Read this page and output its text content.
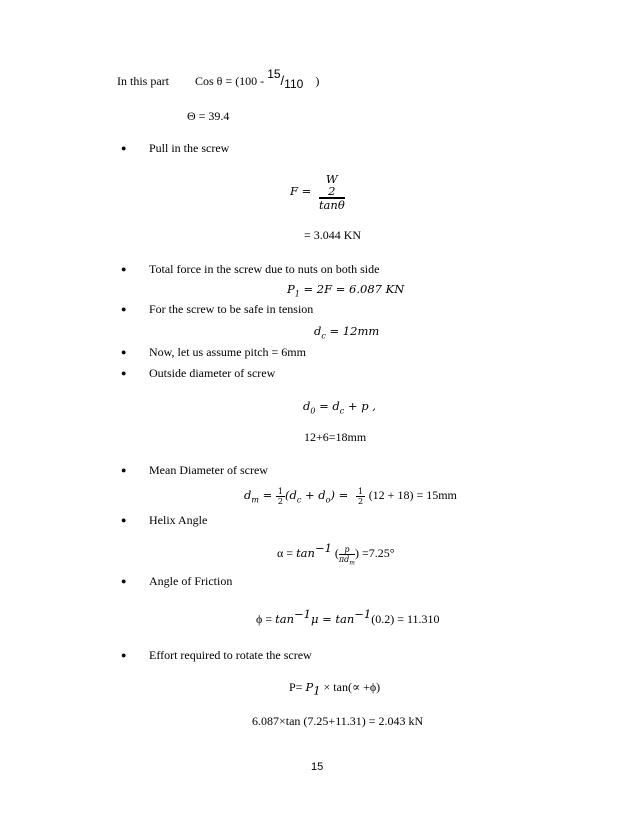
In this part Cos θ = (100 - 15/110 )
Θ = 39.4
● Pull in the screw
F =
W
2
tanθ
= 3.044 KN
● Total force in the screw due to nuts on both side
$P_1 = 2F = 6.087$ KN
● For the screw to be safe in tension
$d_c = 12mm$
● Now, let us assume pitch = 6mm
● Outside diameter of screw
$d_0 = d_c + p$ ,
12+6=18mm
● Mean Diameter of screw
$d_m = \frac{1}{2} (d_c + d_o) = \frac{1}{2} (12 + 18) = 15mm$
● Helix Angle
$\alpha = \tan^{-1}$ ( $\frac{p}{\pi d_m}$ ) =7.25°
● Angle of Friction
$\phi = \tan^{-1}\mu = \tan^{-1}(0.2) = 11.310$
● Effort required to rotate the screw
$P= P_1 \times \tan(\propto +\phi)$
6.087×tan (7.25+11.31) = 2.043 kN
15
